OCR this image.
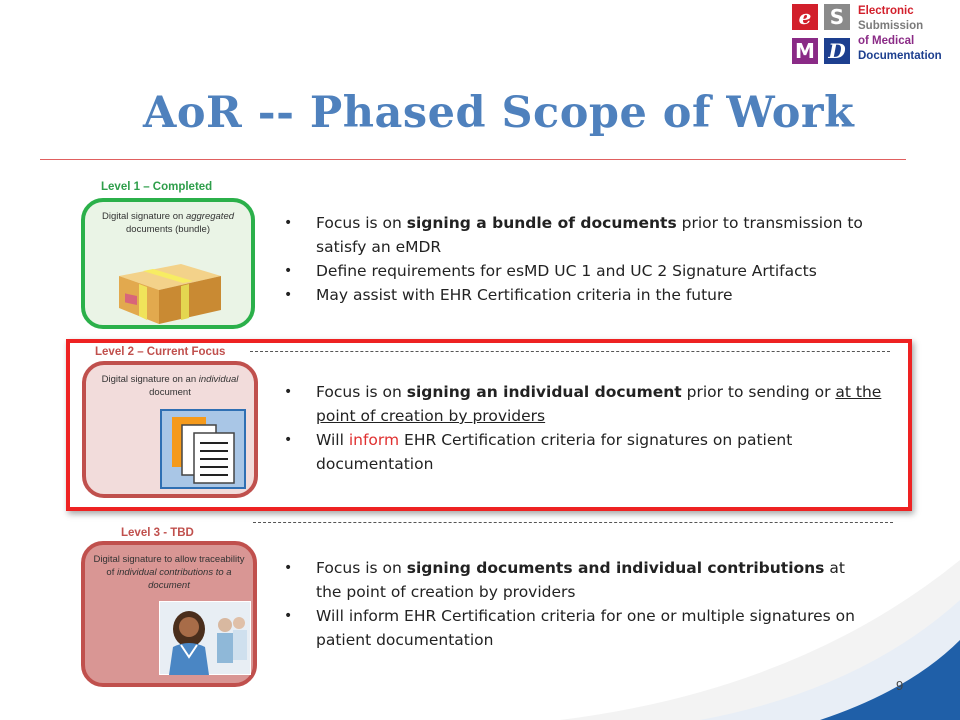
e S
M D
Electronic
Submission
of Medical
Documentation
AoR -- Phased Scope of Work
Level 1 – Completed
Digital signature on aggregated documents (bundle)	• Focus is on signing a bundle of documents prior to transmission to satisfy an eMDR
• Define requirements for esMD UC 1 and UC 2 Signature Artifacts
• May assist with EHR Certification criteria in the future
Level 2 – Current Focus
Digital signature on an individual document	• Focus is on signing an individual document prior to sending or at the point of creation by providers
• Will inform EHR Certification criteria for signatures on patient documentation
Level 3 - TBD
Digital signature to allow traceability of individual contributions to a document
• Focus is on signing documents and individual contributions at the point of creation by providers
• Will inform EHR Certification criteria for one or multiple signatures on patient documentation
9
